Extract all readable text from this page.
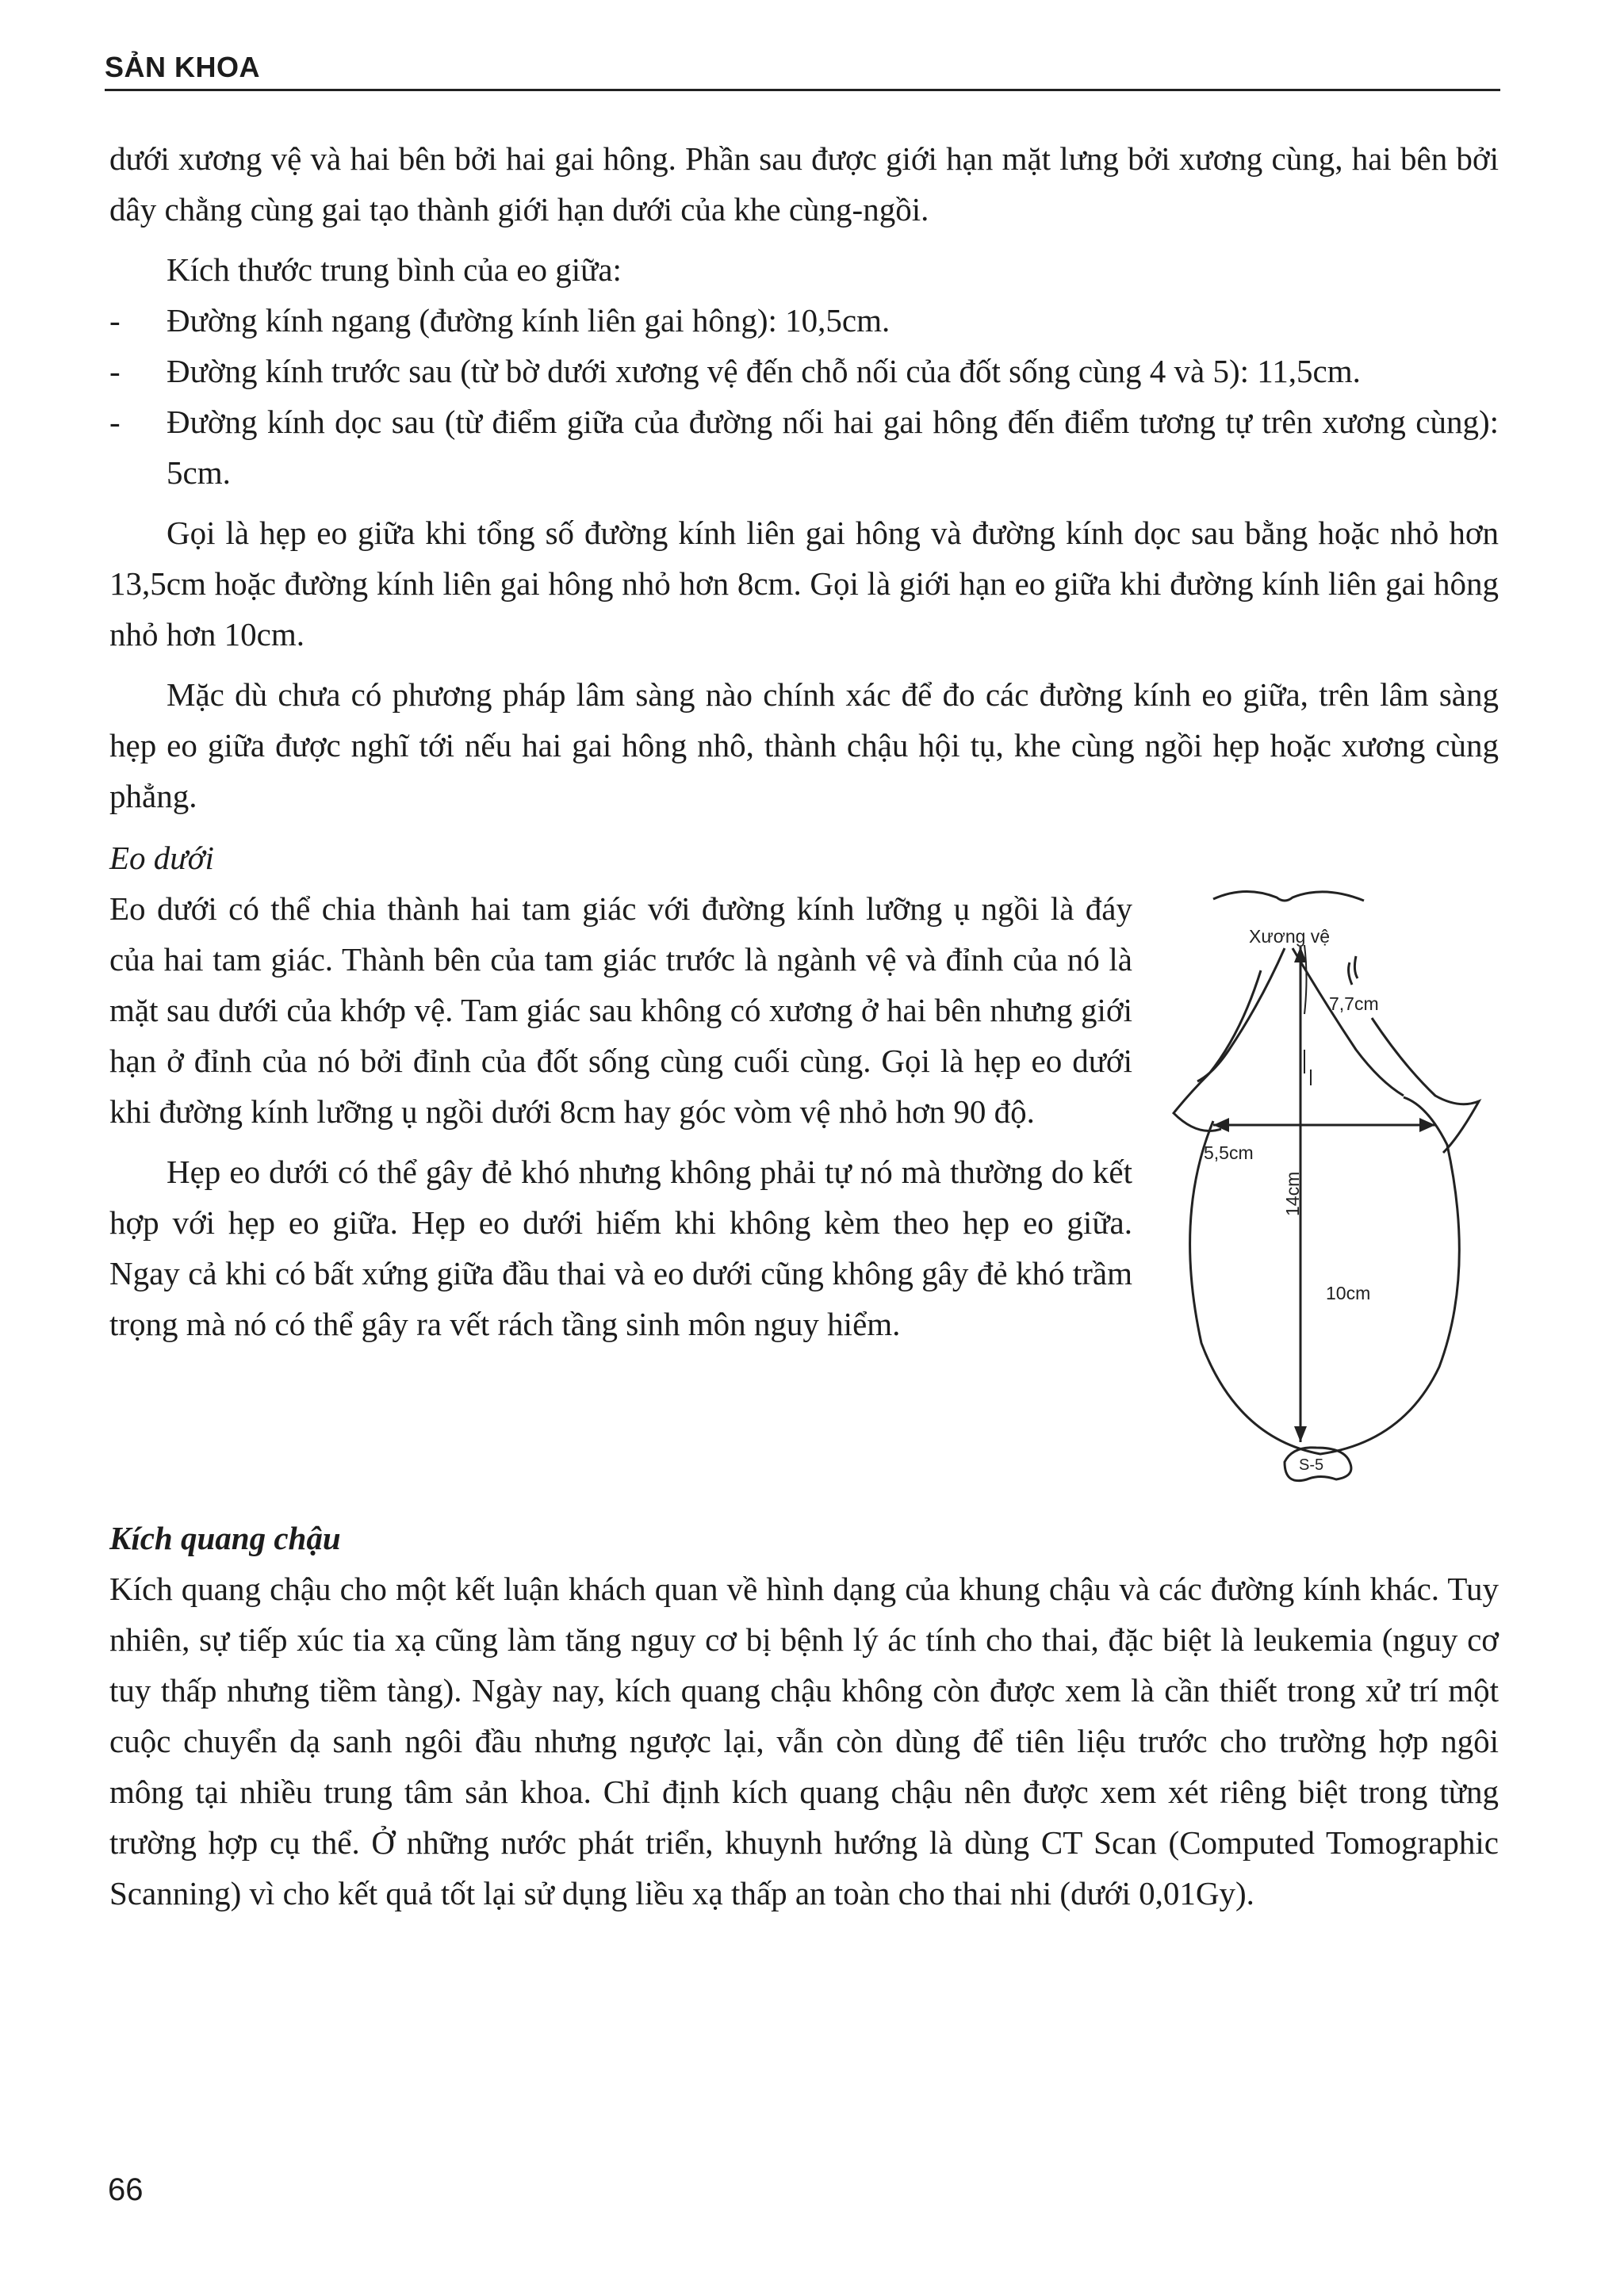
SẢN KHOA

dưới xương vệ và hai bên bởi hai gai hông. Phần sau được giới hạn mặt lưng bởi xương cùng, hai bên bởi dây chằng cùng gai tạo thành giới hạn dưới của khe cùng-ngồi.

Kích thước trung bình của eo giữa:

- Đường kính ngang (đường kính liên gai hông): 10,5cm.
- Đường kính trước sau (từ bờ dưới xương vệ đến chỗ nối của đốt sống cùng 4 và 5): 11,5cm.
- Đường kính dọc sau (từ điểm giữa của đường nối hai gai hông đến điểm tương tự trên xương cùng): 5cm.

Gọi là hẹp eo giữa khi tổng số đường kính liên gai hông và đường kính dọc sau bằng hoặc nhỏ hơn 13,5cm hoặc đường kính liên gai hông nhỏ hơn 8cm. Gọi là giới hạn eo giữa khi đường kính liên gai hông nhỏ hơn 10cm.

Mặc dù chưa có phương pháp lâm sàng nào chính xác để đo các đường kính eo giữa, trên lâm sàng hẹp eo giữa được nghĩ tới nếu hai gai hông nhô, thành chậu hội tụ, khe cùng ngồi hẹp hoặc xương cùng phẳng.

Eo dưới

Eo dưới có thể chia thành hai tam giác với đường kính lưỡng ụ ngồi là đáy của hai tam giác. Thành bên của tam giác trước là ngành vệ và đỉnh của nó là mặt sau dưới của khớp vệ. Tam giác sau không có xương ở hai bên nhưng giới hạn ở đỉnh của nó bởi đỉnh của đốt sống cùng cuối cùng. Gọi là hẹp eo dưới khi đường kính lưỡng ụ ngồi dưới 8cm hay góc vòm vệ nhỏ hơn 90 độ.

Hẹp eo dưới có thể gây đẻ khó nhưng không phải tự nó mà thường do kết hợp với hẹp eo giữa. Hẹp eo dưới hiếm khi không kèm theo hẹp eo giữa. Ngay cả khi có bất xứng giữa đầu thai và eo dưới cũng không gây đẻ khó trầm trọng mà nó có thể gây ra vết rách tầng sinh môn nguy hiểm.

Xương vệ
5,5cm
7,7cm
14cm
10cm
S-5

Kích quang chậu

Kích quang chậu cho một kết luận khách quan về hình dạng của khung chậu và các đường kính khác. Tuy nhiên, sự tiếp xúc tia xạ cũng làm tăng nguy cơ bị bệnh lý ác tính cho thai, đặc biệt là leukemia (nguy cơ tuy thấp nhưng tiềm tàng). Ngày nay, kích quang chậu không còn được xem là cần thiết trong xử trí một cuộc chuyển dạ sanh ngôi đầu nhưng ngược lại, vẫn còn dùng để tiên liệu trước cho trường hợp ngôi mông tại nhiều trung tâm sản khoa. Chỉ định kích quang chậu nên được xem xét riêng biệt trong từng trường hợp cụ thể. Ở những nước phát triển, khuynh hướng là dùng CT Scan (Computed Tomographic Scanning) vì cho kết quả tốt lại sử dụng liều xạ thấp an toàn cho thai nhi (dưới 0,01Gy).

66
